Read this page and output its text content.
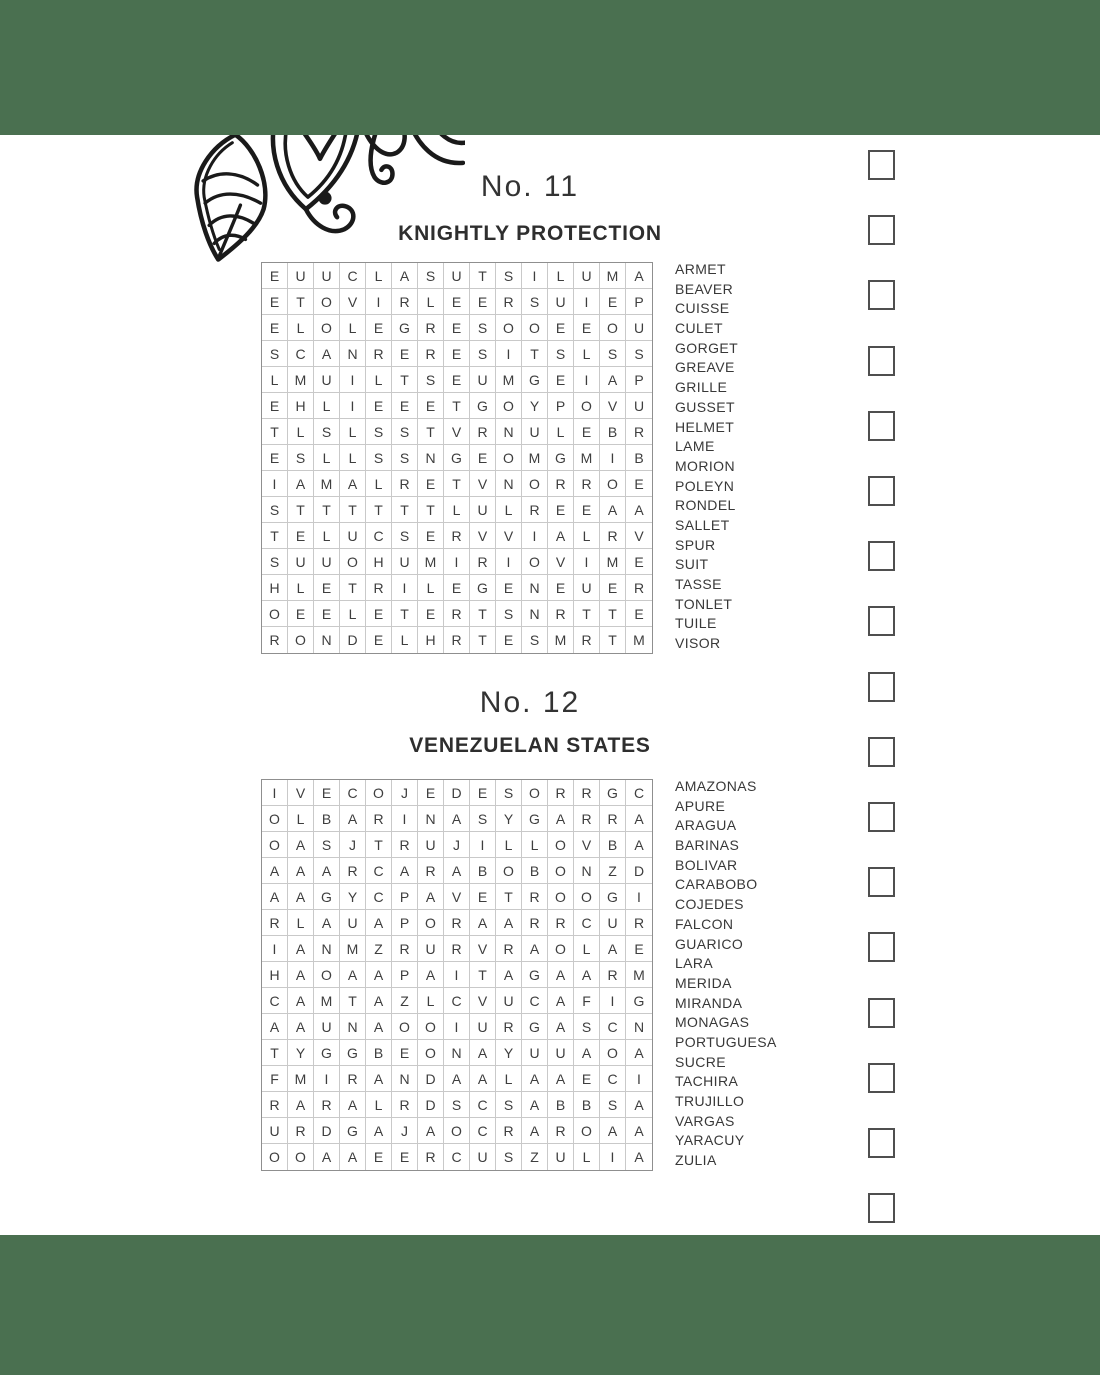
No. 11
KNIGHTLY PROTECTION
E	U	U	C	L	A	S	U	T	S	I	L	U	M	A
E	T	O	V	I	R	L	E	E	R	S	U	I	E	P
E	L	O	L	E	G	R	E	S	O	O	E	E	O	U
S	C	A	N	R	E	R	E	S	I	T	S	L	S	S
L	M	U	I	L	T	S	E	U	M	G	E	I	A	P
E	H	L	I	E	E	E	T	G	O	Y	P	O	V	U
T	L	S	L	S	S	T	V	R	N	U	L	E	B	R
E	S	L	L	S	S	N	G	E	O	M	G	M	I	B
I	A	M	A	L	R	E	T	V	N	O	R	R	O	E
S	T	T	T	T	T	T	L	U	L	R	E	E	A	A
T	E	L	U	C	S	E	R	V	V	I	A	L	R	V
S	U	U	O	H	U	M	I	R	I	O	V	I	M	E
H	L	E	T	R	I	L	E	G	E	N	E	U	E	R
O	E	E	L	E	T	E	R	T	S	N	R	T	T	E
R	O	N	D	E	L	H	R	T	E	S	M	R	T	M
ARMET
BEAVER
CUISSE
CULET
GORGET
GREAVE
GRILLE
GUSSET
HELMET
LAME
MORION
POLEYN
RONDEL
SALLET
SPUR
SUIT
TASSE
TONLET
TUILE
VISOR
No. 12
VENEZUELAN STATES
I	V	E	C	O	J	E	D	E	S	O	R	R	G	C
O	L	B	A	R	I	N	A	S	Y	G	A	R	R	A
O	A	S	J	T	R	U	J	I	L	L	O	V	B	A
A	A	A	R	C	A	R	A	B	O	B	O	N	Z	D
A	A	G	Y	C	P	A	V	E	T	R	O	O	G	I
R	L	A	U	A	P	O	R	A	A	R	R	C	U	R
I	A	N	M	Z	R	U	R	V	R	A	O	L	A	E
H	A	O	A	A	P	A	I	T	A	G	A	A	R	M
C	A	M	T	A	Z	L	C	V	U	C	A	F	I	G
A	A	U	N	A	O	O	I	U	R	G	A	S	C	N
T	Y	G	G	B	E	O	N	A	Y	U	U	A	O	A
F	M	I	R	A	N	D	A	A	L	A	A	E	C	I
R	A	R	A	L	R	D	S	C	S	A	B	B	S	A
U	R	D	G	A	J	A	O	C	R	A	R	O	A	A
O	O	A	A	E	E	R	C	U	S	Z	U	L	I	A
AMAZONAS
APURE
ARAGUA
BARINAS
BOLIVAR
CARABOBO
COJEDES
FALCON
GUARICO
LARA
MERIDA
MIRANDA
MONAGAS
PORTUGUESA
SUCRE
TACHIRA
TRUJILLO
VARGAS
YARACUY
ZULIA
